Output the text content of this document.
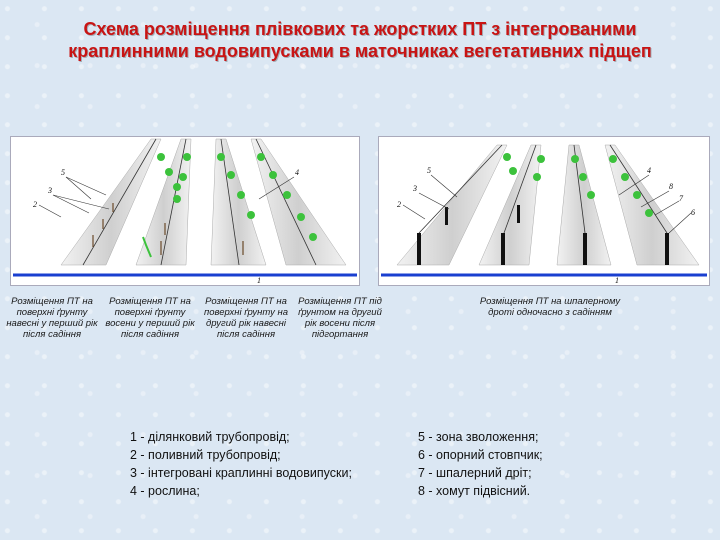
Схема розміщення плівкових та жорстких ПТ з інтегрованими
краплинними водовипусками в маточниках вегетативних підщеп
5
3
2
4
1
5
3
2
4
8
7
6
1
Розміщення ПТ на поверхні ґрунту навесні у перший рік після садіння
Розміщення ПТ на поверхні ґрунту восени у перший рік після садіння
Розміщення ПТ на поверхні ґрунту на другий рік навесні після садіння
Розміщення ПТ під ґрунтом на другий рік восени після підгортання
Розміщення ПТ на шпалерному дроті одночасно з садінням
1 - ділянковий трубопровід;
2 - поливний трубопровід;
3 - інтегровані краплинні водовипуски;
4 - рослина;
5 - зона зволоження;
6 - опорний стовпчик;
7 - шпалерний дріт;
8 - хомут підвісний.
